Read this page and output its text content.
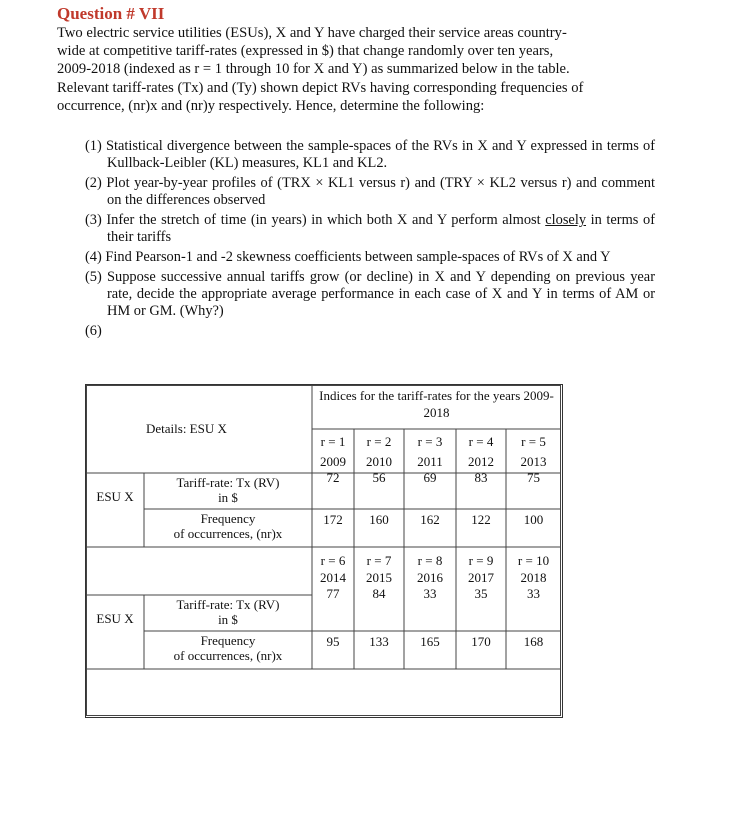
Question # VII
Two electric service utilities (ESUs), X and Y have charged their service areas country-
wide at competitive tariff-rates (expressed in $) that change randomly over ten years,
2009-2018 (indexed as r = 1 through 10 for X and Y) as summarized below in the table.
Relevant tariff-rates (Tx) and (Ty) shown depict RVs having corresponding frequencies of
occurrence, (nr)x and (nr)y respectively. Hence, determine the following:
(1) Statistical divergence between the sample-spaces of the RVs in X and Y expressed in terms of Kullback-Leibler (KL) measures, KL1 and KL2.
(2) Plot year-by-year profiles of (TRX × KL1 versus r) and (TRY × KL2 versus r) and comment on the differences observed
(3) Infer the stretch of time (in years) in which both X and Y perform almost closely in terms of their tariffs
(4) Find Pearson-1 and -2 skewness coefficients between sample-spaces of RVs of X and Y
(5) Suppose successive annual tariffs grow (or decline) in X and Y depending on previous year rate, decide the appropriate average performance in each case of X and Y in terms of AM or HM or GM. (Why?)
(6)
Indices for the tariff-rates for the years 2009-2018
Details: ESU X
ESU X
Tariff-rate: Tx (RV)
in $
Frequency
of occurrences, (nr)x
r = 1
2009
72
172
r = 2
2010
56
160
r = 3
2011
69
162
r = 4
2012
83
122
r = 5
2013
75
100
ESU X
Tariff-rate: Tx (RV)
in $
Frequency
of occurrences, (nr)x
r = 6
2014
77
95
r = 7
2015
84
133
r = 8
2016
33
165
r = 9
2017
35
170
r = 10
2018
33
168
